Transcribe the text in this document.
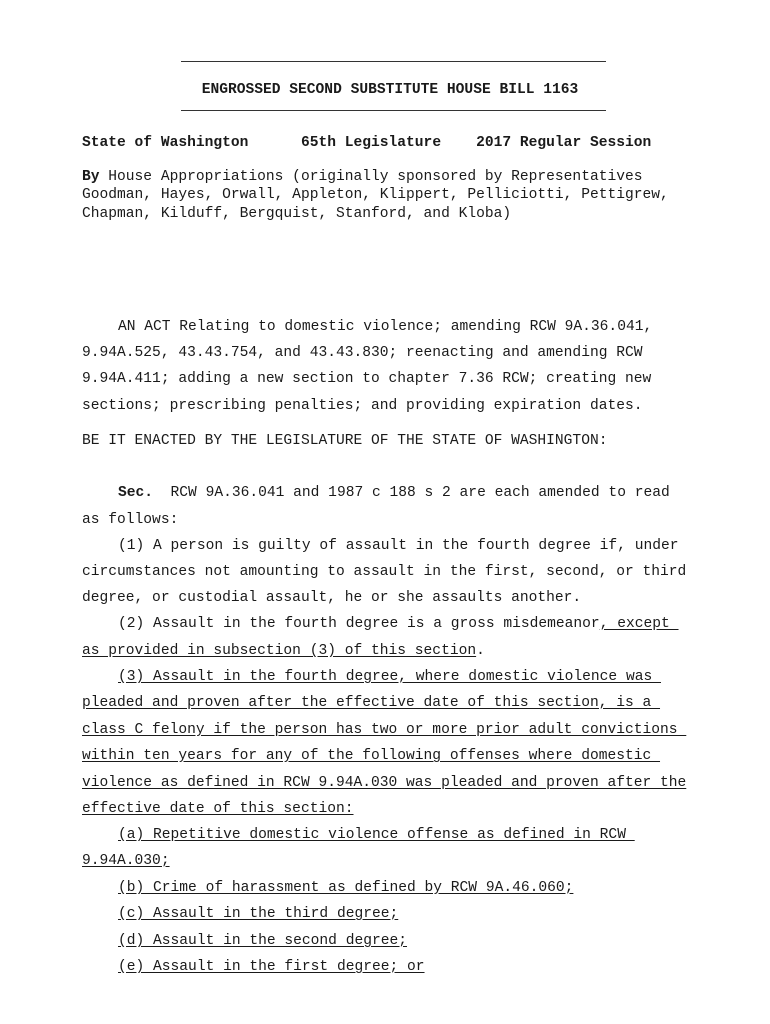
ENGROSSED SECOND SUBSTITUTE HOUSE BILL 1163
State of Washington	65th Legislature 2017 Regular Session
By House Appropriations (originally sponsored by Representatives
Goodman, Hayes, Orwall, Appleton, Klippert, Pelliciotti, Pettigrew,
Chapman, Kilduff, Bergquist, Stanford, and Kloba)
AN ACT Relating to domestic violence; amending RCW 9A.36.041,
9.94A.525, 43.43.754, and 43.43.830; reenacting and amending RCW
9.94A.411; adding a new section to chapter 7.36 RCW; creating new
sections; prescribing penalties; and providing expiration dates.
BE IT ENACTED BY THE LEGISLATURE OF THE STATE OF WASHINGTON:
Sec.  RCW 9A.36.041 and 1987 c 188 s 2 are each amended to read
as follows:
(1) A person is guilty of assault in the fourth degree if, under
circumstances not amounting to assault in the first, second, or third
degree, or custodial assault, he or she assaults another.
(2) Assault in the fourth degree is a gross misdemeanor, except
as provided in subsection (3) of this section.
(3) Assault in the fourth degree, where domestic violence was
pleaded and proven after the effective date of this section, is a
class C felony if the person has two or more prior adult convictions
within ten years for any of the following offenses where domestic
violence as defined in RCW 9.94A.030 was pleaded and proven after the
effective date of this section:
(a) Repetitive domestic violence offense as defined in RCW
9.94A.030;
(b) Crime of harassment as defined by RCW 9A.46.060;
(c) Assault in the third degree;
(d) Assault in the second degree;
(e) Assault in the first degree; or
